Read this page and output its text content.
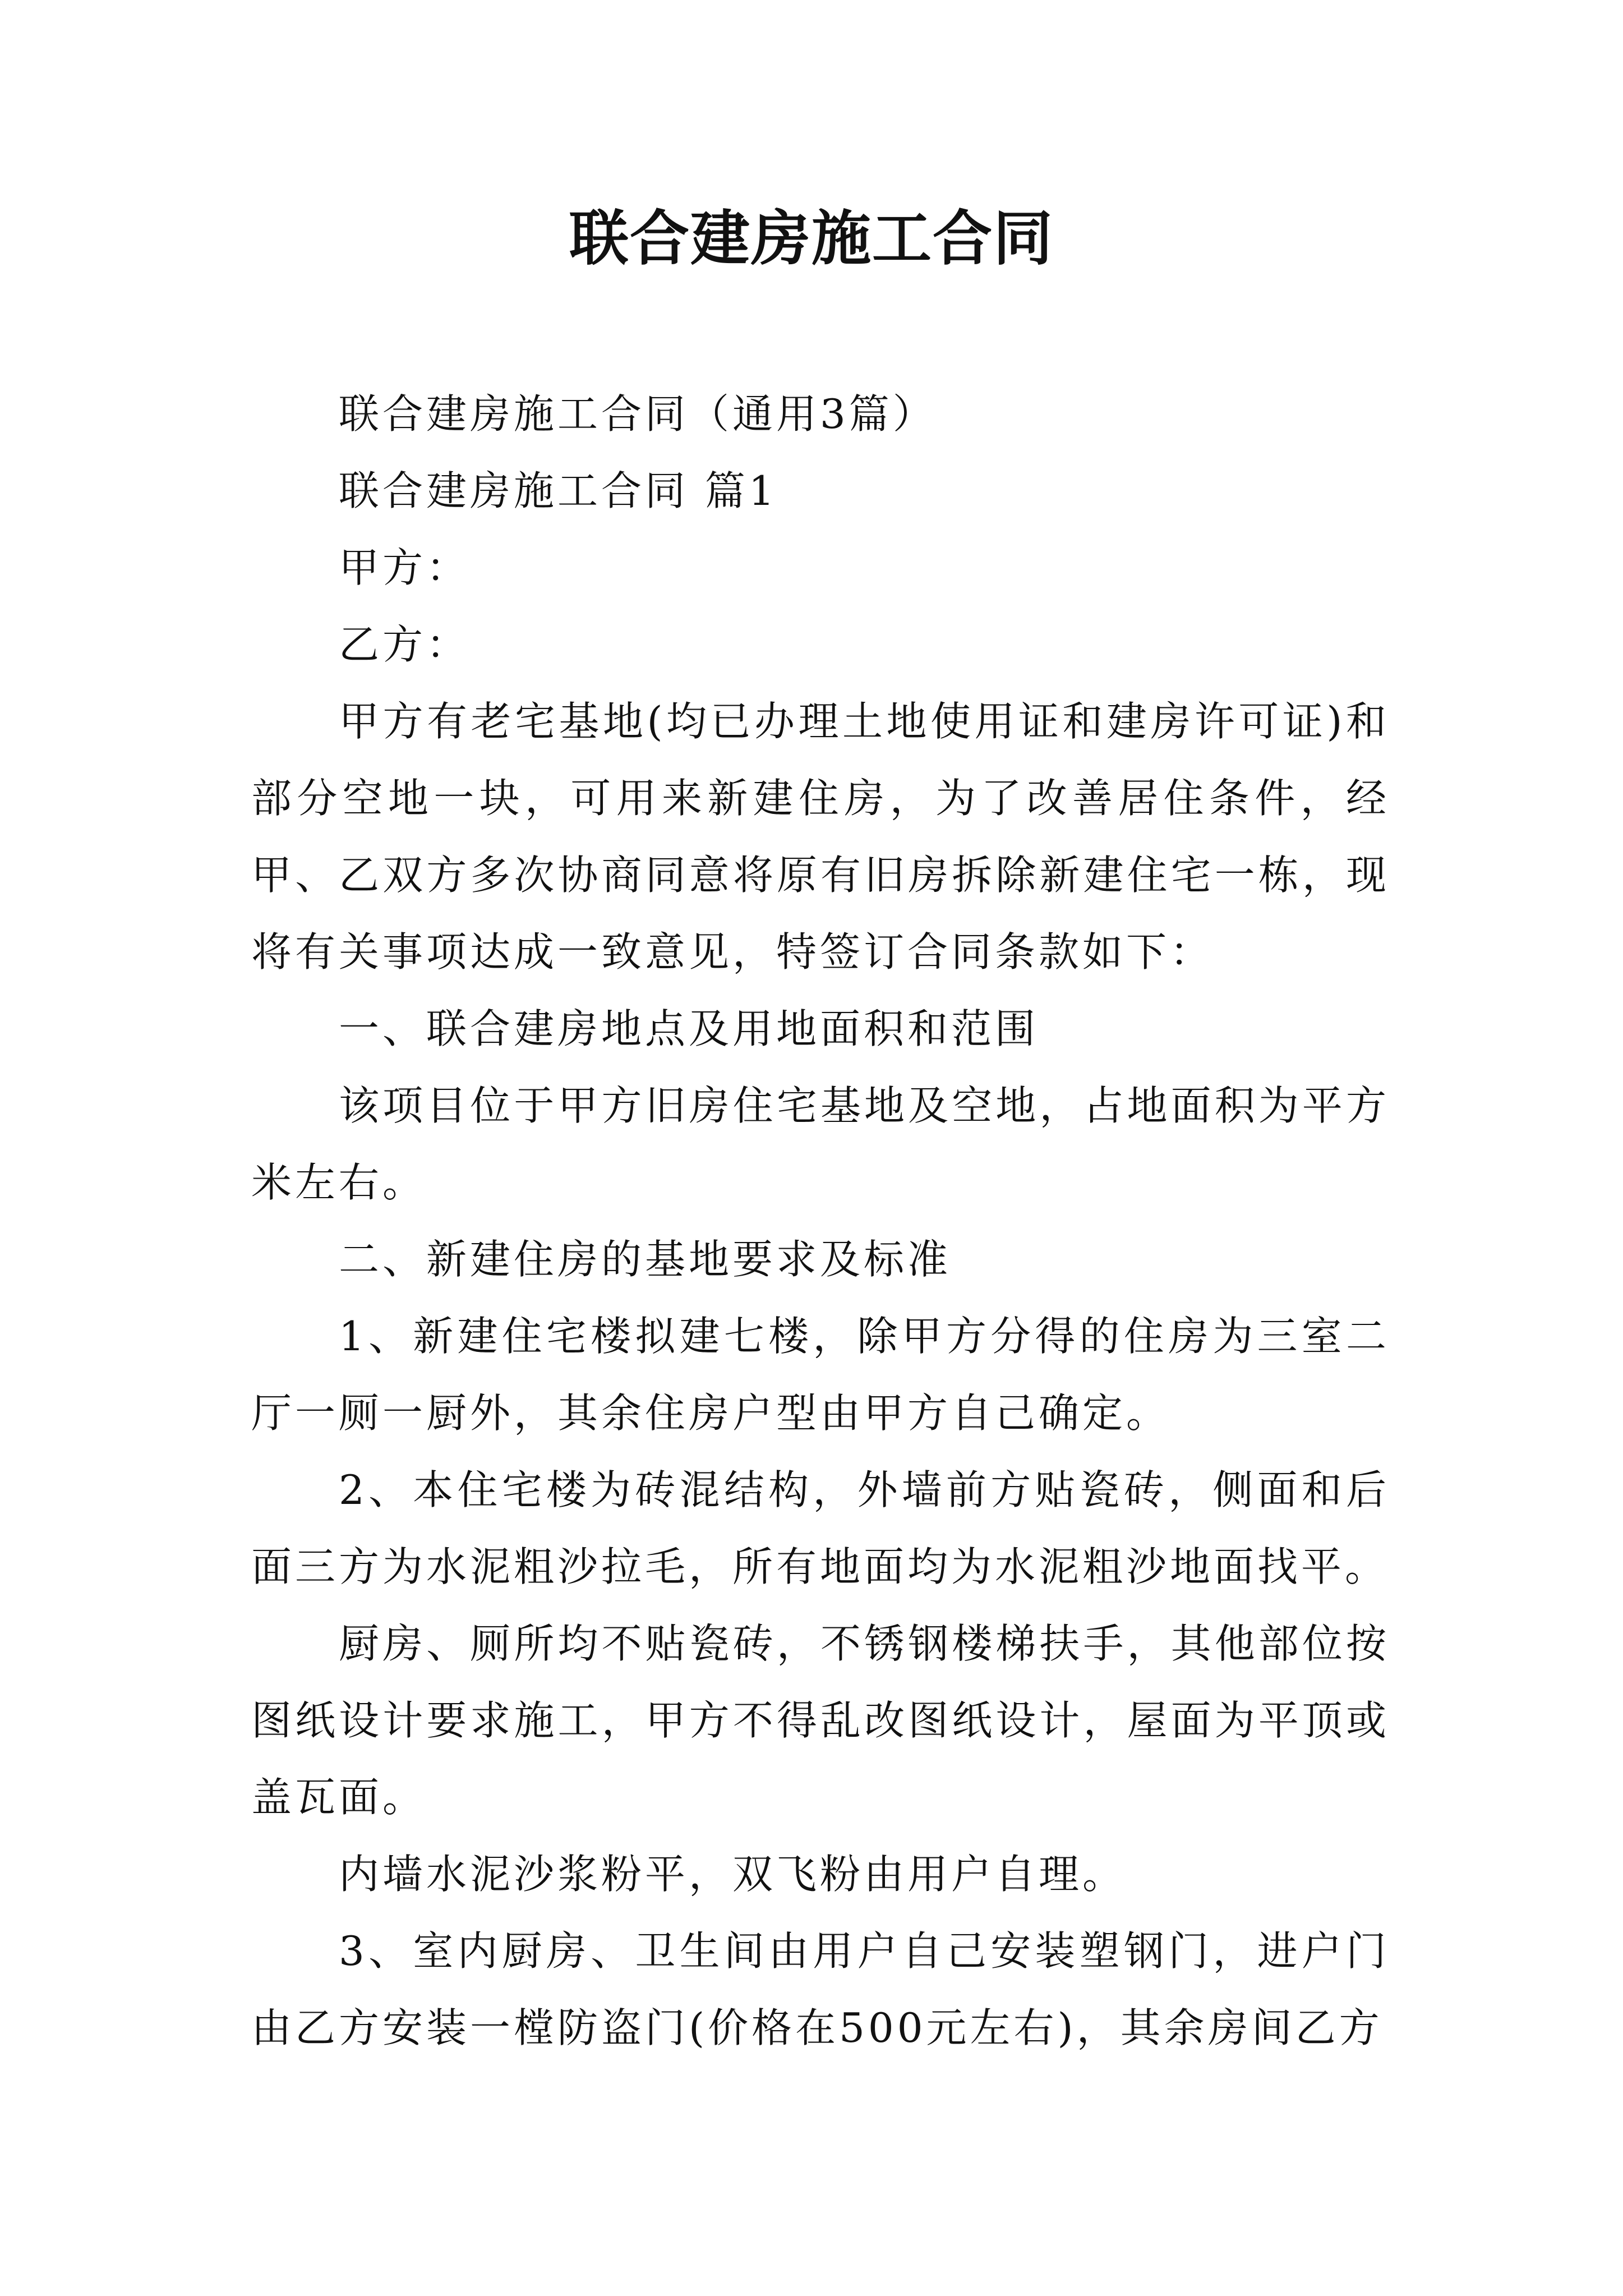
联合建房施工合同

联合建房施工合同（通用3篇）

联合建房施工合同 篇1

甲方：

乙方：

甲方有老宅基地(均已办理土地使用证和建房许可证)和部分空地一块，可用来新建住房，为了改善居住条件，经甲、乙双方多次协商同意将原有旧房拆除新建住宅一栋，现将有关事项达成一致意见，特签订合同条款如下：

一、联合建房地点及用地面积和范围

该项目位于甲方旧房住宅基地及空地，占地面积为平方米左右。

二、新建住房的基地要求及标准

1、新建住宅楼拟建七楼，除甲方分得的住房为三室二厅一厕一厨外，其余住房户型由甲方自己确定。

2、本住宅楼为砖混结构，外墙前方贴瓷砖，侧面和后面三方为水泥粗沙拉毛，所有地面均为水泥粗沙地面找平。

厨房、厕所均不贴瓷砖，不锈钢楼梯扶手，其他部位按图纸设计要求施工，甲方不得乱改图纸设计，屋面为平顶或盖瓦面。

内墙水泥沙浆粉平，双飞粉由用户自理。

3、室内厨房、卫生间由用户自己安装塑钢门，进户门由乙方安装一樘防盗门(价格在500元左右)，其余房间乙方
